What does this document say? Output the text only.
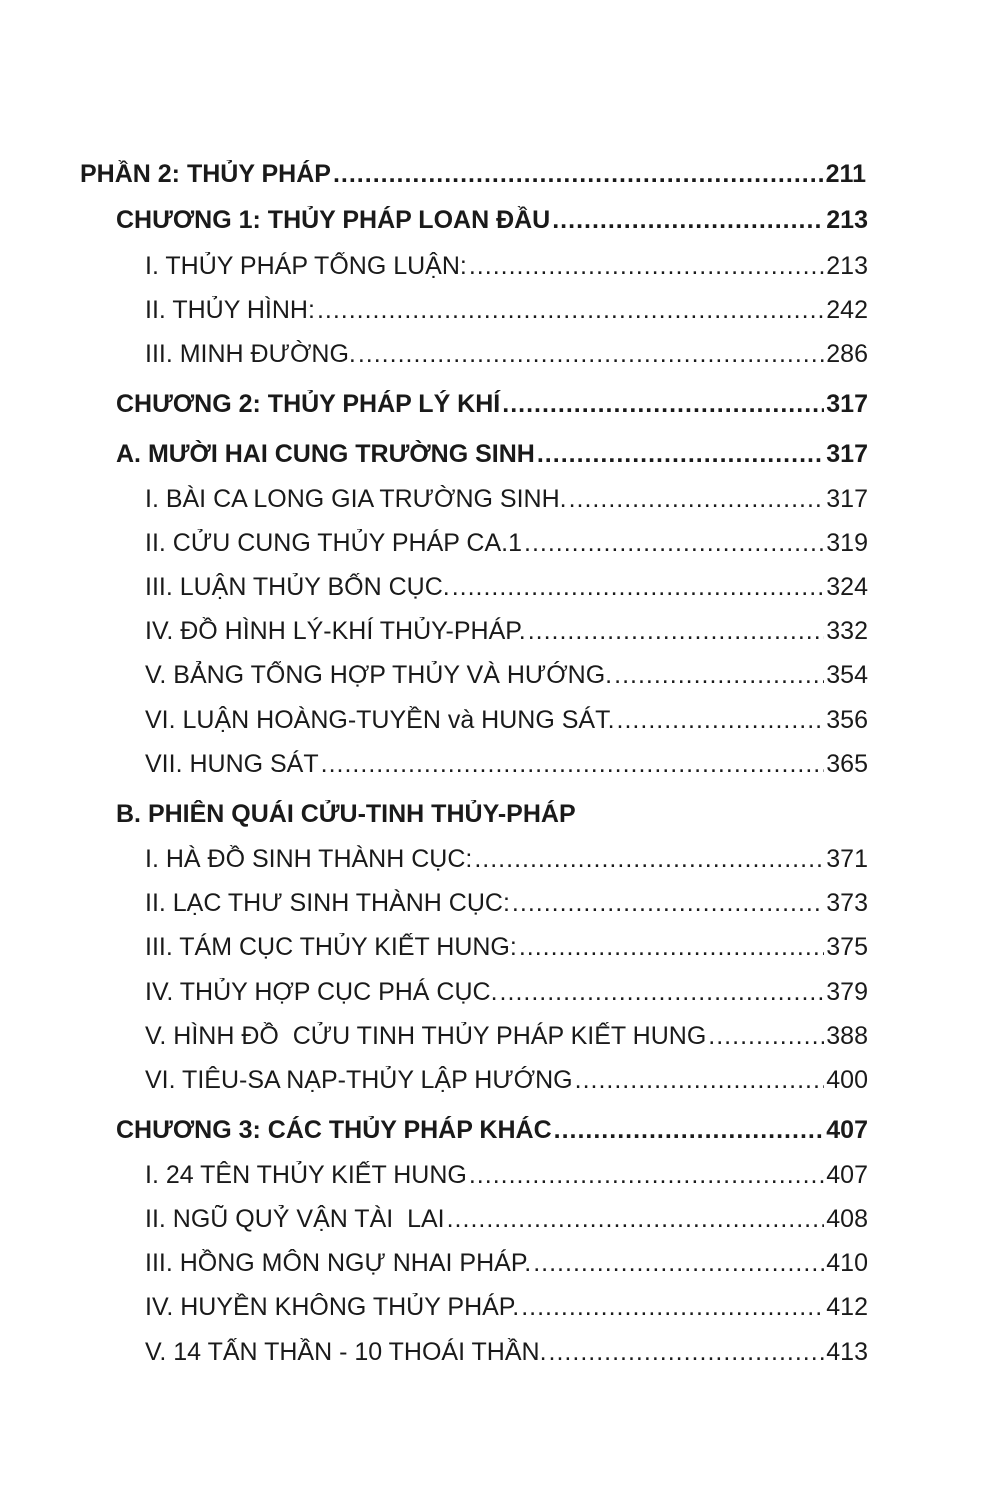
PHẦN 2: THỦY PHÁP .....	211
CHƯƠNG 1: THỦY PHÁP LOAN ĐẦU .....	213
I. THỦY PHÁP TỔNG LUẬN: .....	213
II. THỦY HÌNH: .....	242
III. MINH ĐƯỜNG. .....	286
CHƯƠNG 2: THỦY PHÁP LÝ KHÍ .....	317
A. MƯỜI HAI CUNG TRƯỜNG SINH .....	317
I. BÀI CA LONG GIA TRƯỜNG SINH. .....	317
II. CỬU CUNG THỦY PHÁP CA.1 .....	319
III. LUẬN THỦY BỐN CỤC. .....	324
IV. ĐỒ HÌNH LÝ-KHÍ THỦY-PHÁP. .....	332
V. BẢNG TỔNG HỢP THỦY VÀ HƯỚNG. .....	354
VI. LUẬN HOÀNG-TUYỀN và HUNG SÁT. .....	356
VII. HUNG SÁT .....	365
B. PHIÊN QUÁI CỬU-TINH THỦY-PHÁP
I. HÀ ĐỒ SINH THÀNH CỤC: .....	371
II. LẠC THƯ SINH THÀNH CỤC: .....	373
III. TÁM CỤC THỦY KIẾT HUNG: .....	375
IV. THỦY HỢP CỤC PHÁ CỤC. .....	379
V. HÌNH ĐỒ  CỬU TINH THỦY PHÁP KIẾT HUNG .....	388
VI. TIÊU-SA NẠP-THỦY LẬP HƯỚNG .....	400
CHƯƠNG 3: CÁC THỦY PHÁP KHÁC .....	407
I. 24 TÊN THỦY KIẾT HUNG .....	407
II. NGŨ QUỶ VẬN TÀI  LAI .....	408
III. HỒNG MÔN NGỰ NHAI PHÁP. .....	410
IV. HUYỀN KHÔNG THỦY PHÁP. .....	412
V. 14 TẤN THẦN - 10 THOÁI THẦN. .....	413
